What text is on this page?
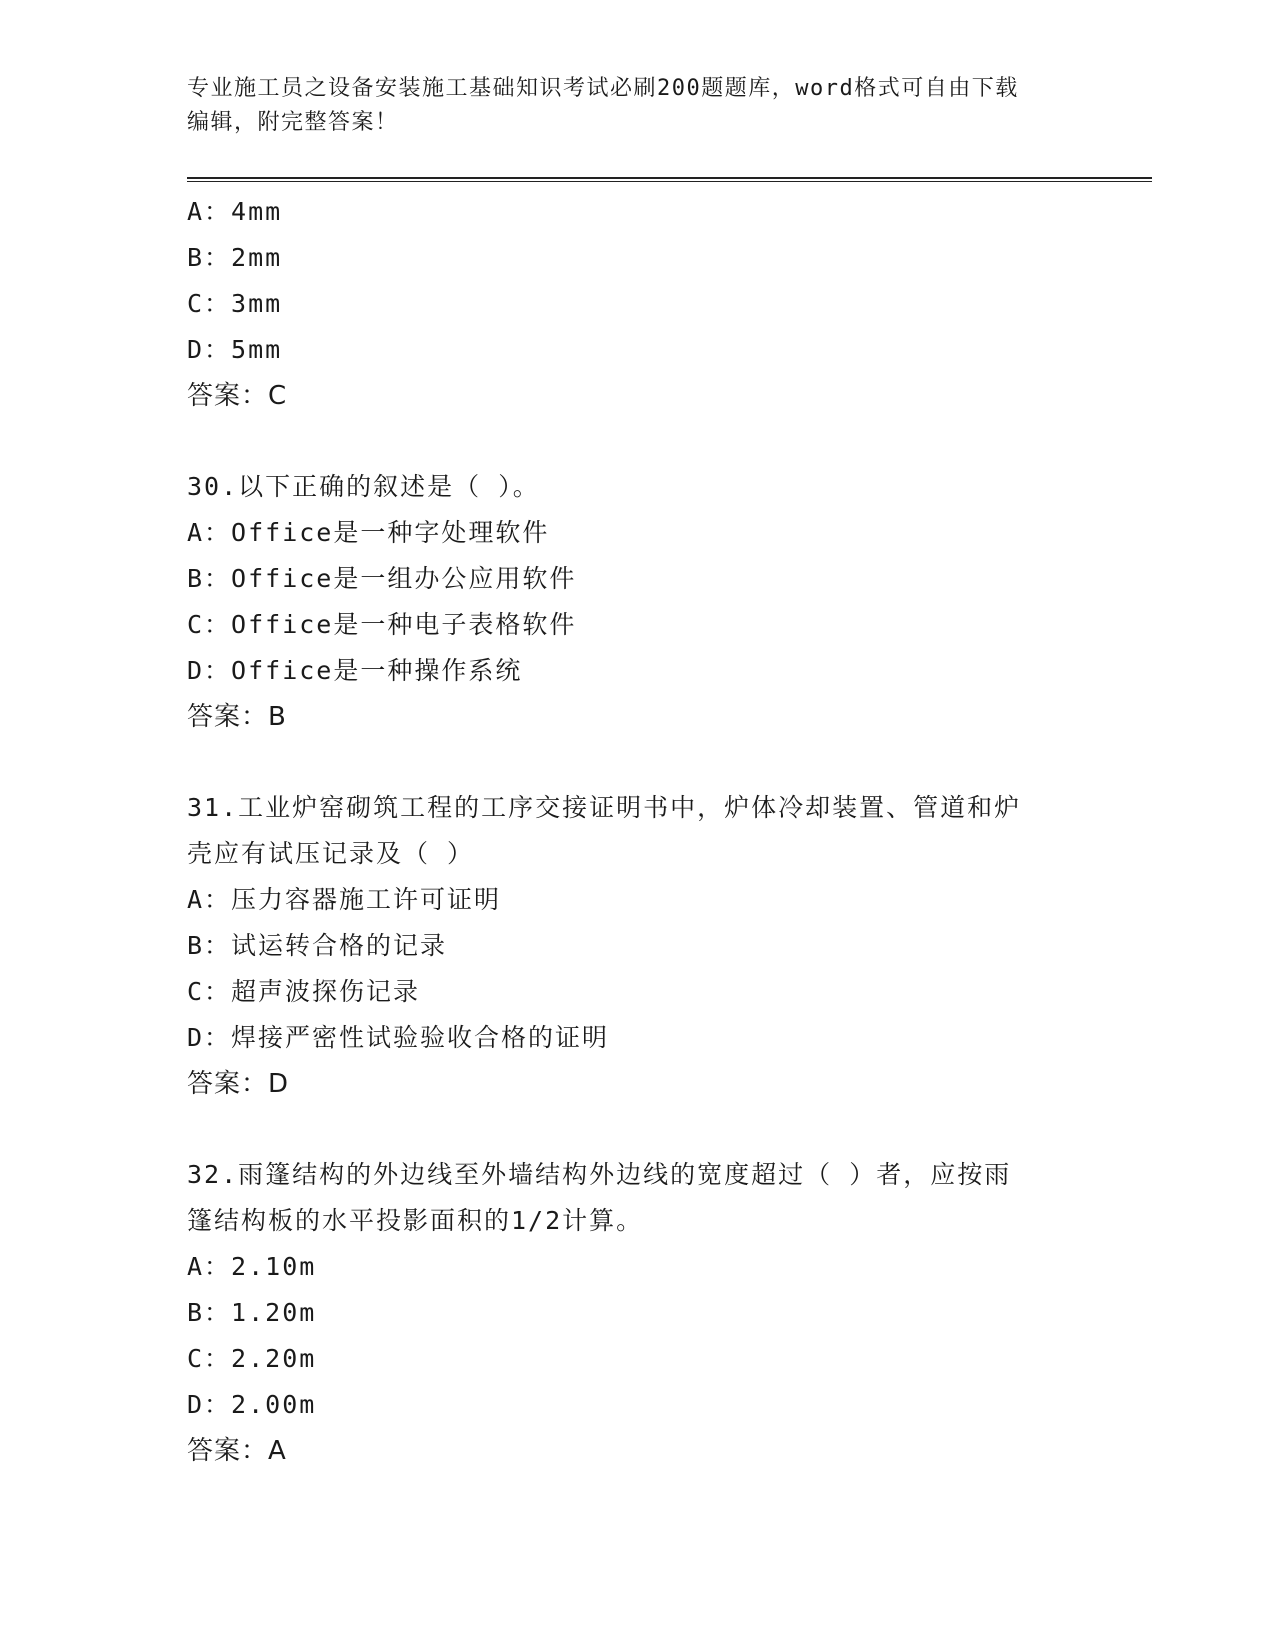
专业施工员之设备安装施工基础知识考试必刷200题题库，word格式可自由下载
编辑，附完整答案！
A：4mm
B：2mm
C：3mm
D：5mm
答案：C
30.以下正确的叙述是（ ）。
A：Office是一种字处理软件
B：Office是一组办公应用软件
C：Office是一种电子表格软件
D：Office是一种操作系统
答案：B
31.工业炉窑砌筑工程的工序交接证明书中，炉体冷却装置、管道和炉
壳应有试压记录及（ ）
A：压力容器施工许可证明
B：试运转合格的记录
C：超声波探伤记录
D：焊接严密性试验验收合格的证明
答案：D
32.雨篷结构的外边线至外墙结构外边线的宽度超过（ ）者，应按雨
篷结构板的水平投影面积的1/2计算。
A：2.10m
B：1.20m
C：2.20m
D：2.00m
答案：A
